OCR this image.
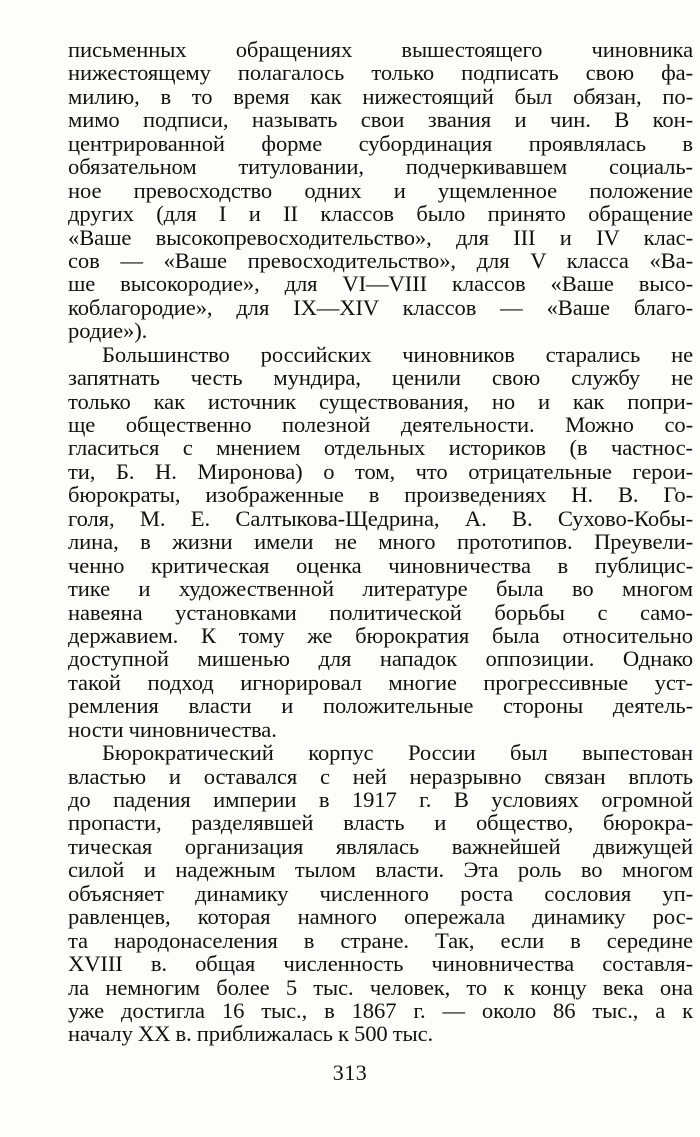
письменных обращениях вышестоящего чиновника
нижестоящему полагалось только подписать свою фа-
милию, в то время как нижестоящий был обязан, по-
мимо подписи, называть свои звания и чин. В кон-
центрированной форме субординация проявлялась в
обязательном титуловании, подчеркивавшем социаль-
ное превосходство одних и ущемленное положение
других (для I и II классов было принято обращение
«Ваше высокопревосходительство», для III и IV клас-
сов — «Ваше превосходительство», для V класса «Ва-
ше высокородие», для VI—VIII классов «Ваше высо-
коблагородие», для IX—XIV классов — «Ваше благо-
родие»).
Большинство российских чиновников старались не
запятнать честь мундира, ценили свою службу не
только как источник существования, но и как попри-
ще общественно полезной деятельности. Можно со-
гласиться с мнением отдельных историков (в частнос-
ти, Б. Н. Миронова) о том, что отрицательные герои-
бюрократы, изображенные в произведениях Н. В. Го-
голя, М. Е. Салтыкова-Щедрина, А. В. Сухово-Кобы-
лина, в жизни имели не много прототипов. Преувели-
ченно критическая оценка чиновничества в публицис-
тике и художественной литературе была во многом
навеяна установками политической борьбы с само-
державием. К тому же бюрократия была относительно
доступной мишенью для нападок оппозиции. Однако
такой подход игнорировал многие прогрессивные уст-
ремления власти и положительные стороны деятель-
ности чиновничества.
Бюрократический корпус России был выпестован
властью и оставался с ней неразрывно связан вплоть
до падения империи в 1917 г. В условиях огромной
пропасти, разделявшей власть и общество, бюрокра-
тическая организация являлась важнейшей движущей
силой и надежным тылом власти. Эта роль во многом
объясняет динамику численного роста сословия уп-
равленцев, которая намного опережала динамику рос-
та народонаселения в стране. Так, если в середине
XVIII в. общая численность чиновничества составля-
ла немногим более 5 тыс. человек, то к концу века она
уже достигла 16 тыс., в 1867 г. — около 86 тыс., а к
началу XX в. приближалась к 500 тыс.
313
